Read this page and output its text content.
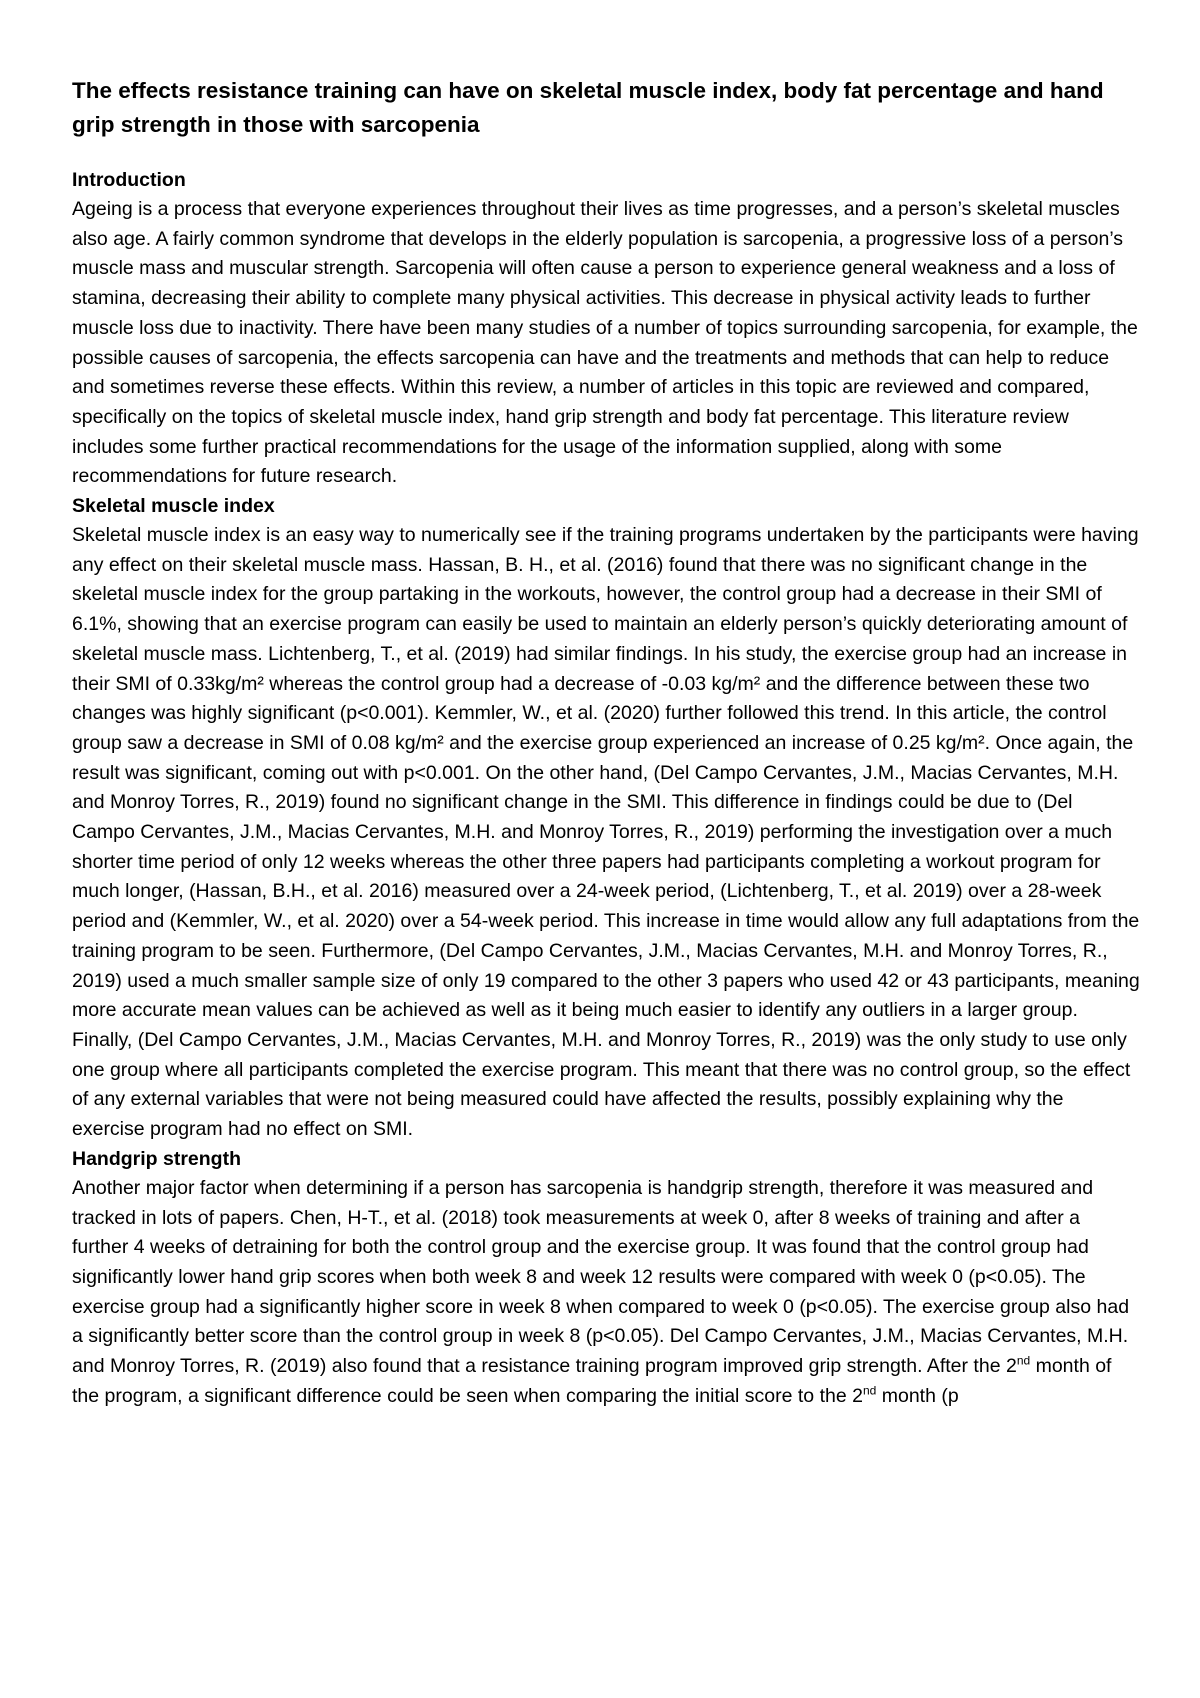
The effects resistance training can have on skeletal muscle index, body fat percentage and hand grip strength in those with sarcopenia
Introduction

Ageing is a process that everyone experiences throughout their lives as time progresses, and a person’s skeletal muscles also age. A fairly common syndrome that develops in the elderly population is sarcopenia, a progressive loss of a person’s muscle mass and muscular strength. Sarcopenia will often cause a person to experience general weakness and a loss of stamina, decreasing their ability to complete many physical activities. This decrease in physical activity leads to further muscle loss due to inactivity. There have been many studies of a number of topics surrounding sarcopenia, for example, the possible causes of sarcopenia, the effects sarcopenia can have and the treatments and methods that can help to reduce and sometimes reverse these effects. Within this review, a number of articles in this topic are reviewed and compared, specifically on the topics of skeletal muscle index, hand grip strength and body fat percentage. This literature review includes some further practical recommendations for the usage of the information supplied, along with some recommendations for future research.

Skeletal muscle index

Skeletal muscle index is an easy way to numerically see if the training programs undertaken by the participants were having any effect on their skeletal muscle mass. Hassan, B. H., et al. (2016) found that there was no significant change in the skeletal muscle index for the group partaking in the workouts, however, the control group had a decrease in their SMI of 6.1%, showing that an exercise program can easily be used to maintain an elderly person’s quickly deteriorating amount of skeletal muscle mass. Lichtenberg, T., et al. (2019) had similar findings. In his study, the exercise group had an increase in their SMI of 0.33kg/m² whereas the control group had a decrease of -0.03 kg/m² and the difference between these two changes was highly significant (p<0.001). Kemmler, W., et al. (2020) further followed this trend. In this article, the control group saw a decrease in SMI of 0.08 kg/m² and the exercise group experienced an increase of 0.25 kg/m². Once again, the result was significant, coming out with p<0.001. On the other hand, (Del Campo Cervantes, J.M., Macias Cervantes, M.H. and Monroy Torres, R., 2019) found no significant change in the SMI. This difference in findings could be due to (Del Campo Cervantes, J.M., Macias Cervantes, M.H. and Monroy Torres, R., 2019) performing the investigation over a much shorter time period of only 12 weeks whereas the other three papers had participants completing a workout program for much longer, (Hassan, B.H., et al. 2016) measured over a 24-week period, (Lichtenberg, T., et al. 2019) over a 28-week period and (Kemmler, W., et al. 2020) over a 54-week period. This increase in time would allow any full adaptations from the training program to be seen. Furthermore, (Del Campo Cervantes, J.M., Macias Cervantes, M.H. and Monroy Torres, R., 2019) used a much smaller sample size of only 19 compared to the other 3 papers who used 42 or 43 participants, meaning more accurate mean values can be achieved as well as it being much easier to identify any outliers in a larger group. Finally, (Del Campo Cervantes, J.M., Macias Cervantes, M.H. and Monroy Torres, R., 2019) was the only study to use only one group where all participants completed the exercise program. This meant that there was no control group, so the effect of any external variables that were not being measured could have affected the results, possibly explaining why the exercise program had no effect on SMI.

Handgrip strength

Another major factor when determining if a person has sarcopenia is handgrip strength, therefore it was measured and tracked in lots of papers. Chen, H-T., et al. (2018) took measurements at week 0, after 8 weeks of training and after a further 4 weeks of detraining for both the control group and the exercise group. It was found that the control group had significantly lower hand grip scores when both week 8 and week 12 results were compared with week 0 (p<0.05). The exercise group had a significantly higher score in week 8 when compared to week 0 (p<0.05). The exercise group also had a significantly better score than the control group in week 8 (p<0.05). Del Campo Cervantes, J.M., Macias Cervantes, M.H. and Monroy Torres, R. (2019) also found that a resistance training program improved grip strength. After the 2nd month of the program, a significant difference could be seen when comparing the initial score to the 2nd month (p
